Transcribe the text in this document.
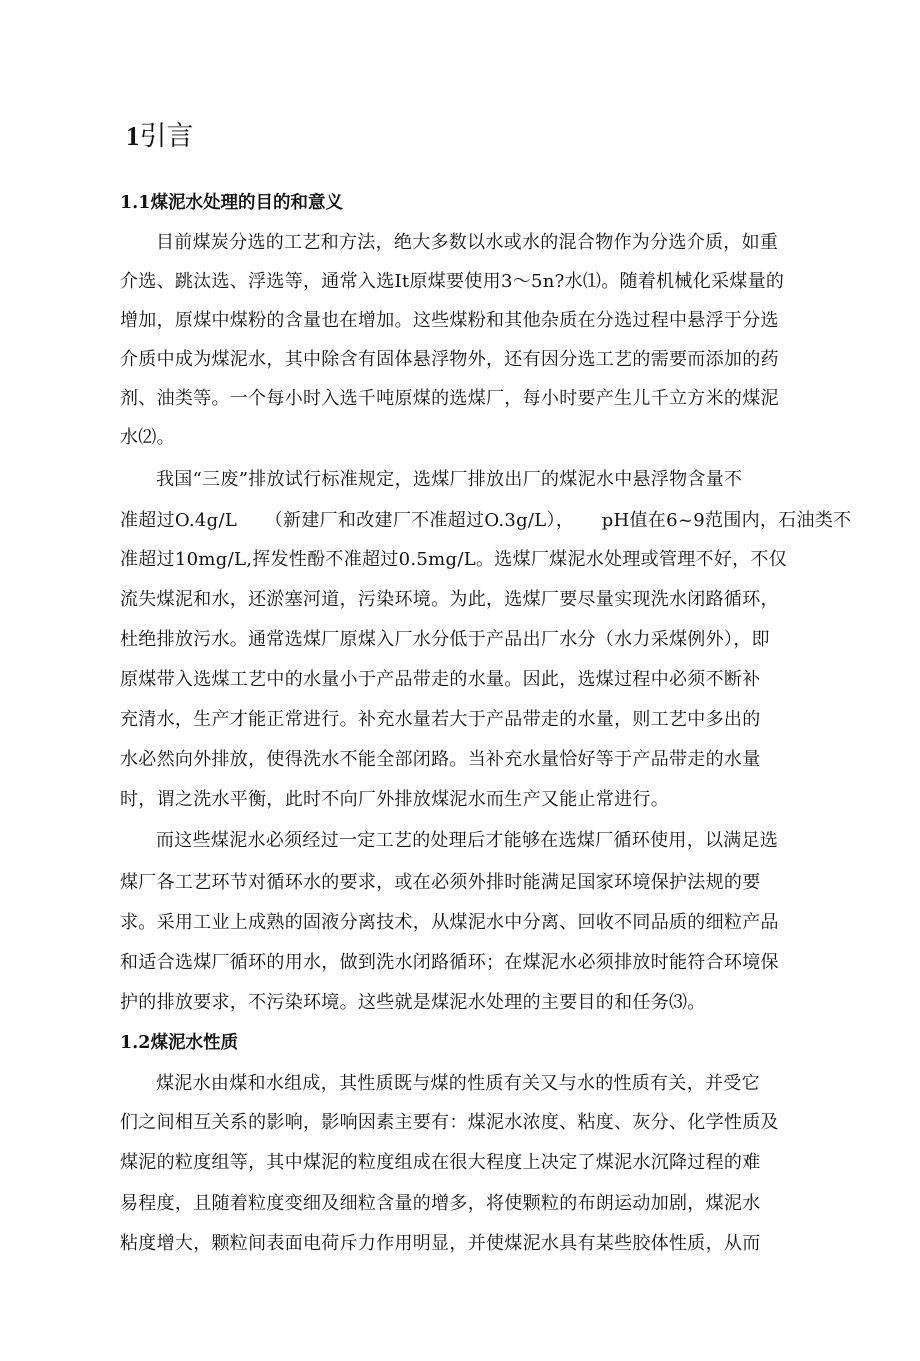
1引言
1.1煤泥水处理的目的和意义
目前煤炭分选的工艺和方法，绝大多数以水或水的混合物作为分选介质，如重
介选、跳汰选、浮选等，通常入选It原煤要使用3～5n?水⑴。随着机械化采煤量的
增加，原煤中煤粉的含量也在增加。这些煤粉和其他杂质在分选过程中悬浮于分选
介质中成为煤泥水，其中除含有固体悬浮物外，还有因分选工艺的需要而添加的药
剂、油类等。一个每小时入选千吨原煤的选煤厂，每小时要产生儿千立方米的煤泥
水⑵。
我国“三废”排放试行标准规定，选煤厂排放出厂的煤泥水中悬浮物含量不
准超过O.4g/L　　（新建厂和改建厂不准超过O.3g/L），　　pH值在6~9范围内，石油类不
准超过10mg/L,挥发性酚不准超过0.5mg/L。选煤厂煤泥水处理或管理不好，不仅
流失煤泥和水，还淤塞河道，污染环境。为此，选煤厂要尽量实现洗水闭路循环，
杜绝排放污水。通常选煤厂原煤入厂水分低于产品出厂水分（水力采煤例外），即
原煤带入选煤工艺中的水量小于产品带走的水量。因此，选煤过程中必须不断补
充清水，生产才能正常进行。补充水量若大于产品带走的水量，则工艺中多出的
水必然向外排放，使得洗水不能全部闭路。当补充水量恰好等于产品带走的水量
时，谓之洗水平衡，此时不向厂外排放煤泥水而生产又能止常进行。
而这些煤泥水必须经过一定工艺的处理后才能够在选煤厂循环使用，以满足选
煤厂各工艺环节对循环水的要求，或在必须外排时能满足国家环境保护法规的要
求。采用工业上成熟的固液分离技术，从煤泥水中分离、回收不同品质的细粒产品
和适合选煤厂循环的用水，做到洗水闭路循环；在煤泥水必须排放时能符合环境保
护的排放要求，不污染环境。这些就是煤泥水处理的主要目的和任务⑶。
1.2煤泥水性质
煤泥水由煤和水组成，其性质既与煤的性质有关又与水的性质有关，并受它
们之间相互关系的影响，影响因素主要有：煤泥水浓度、粘度、灰分、化学性质及
煤泥的粒度组等，其中煤泥的粒度组成在很大程度上决定了煤泥水沉降过程的难
易程度，且随着粒度变细及细粒含量的增多，将使颗粒的布朗运动加剧，煤泥水
粘度增大，颗粒间表面电荷斥力作用明显，并使煤泥水具有某些胶体性质，从而
